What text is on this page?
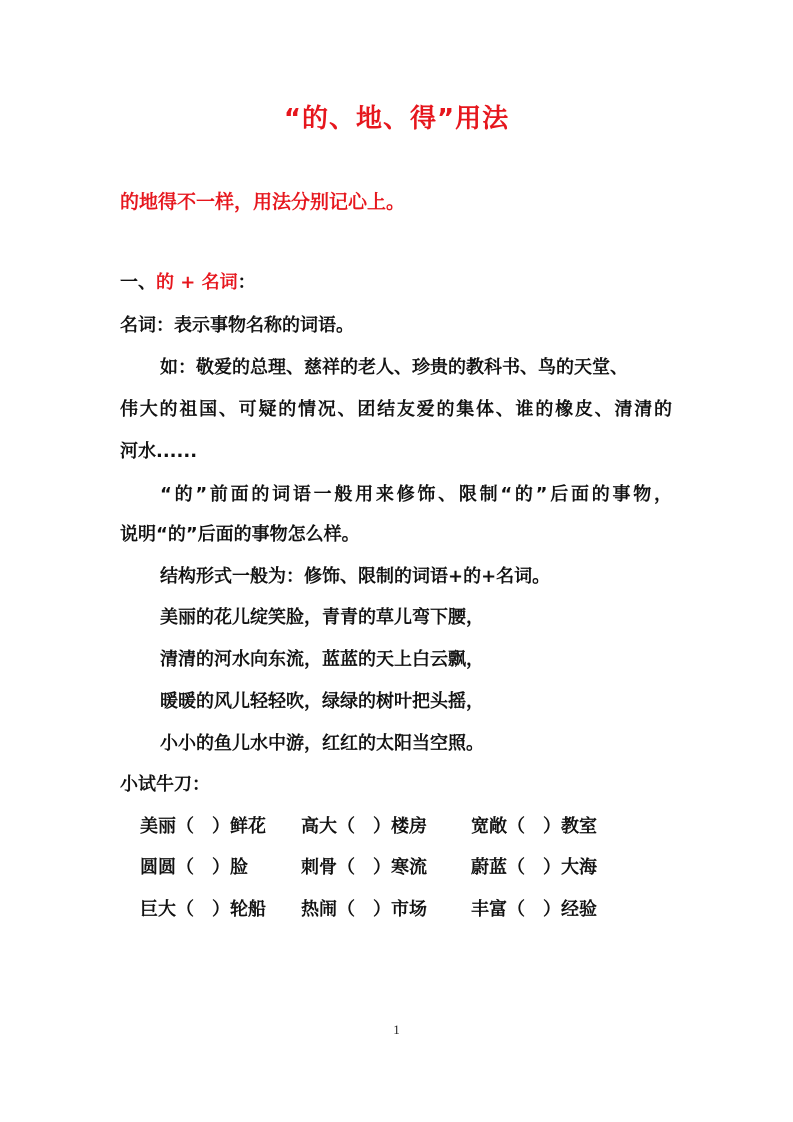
“的、地、得”用法
的地得不一样，用法分别记心上。
一、的 + 名词：
名词：表示事物名称的词语。
如：敬爱的总理、慈祥的老人、珍贵的教科书、鸟的天堂、
伟大的祖国、可疑的情况、团结友爱的集体、谁的橡皮、清清的
河水......
“的”前面的词语一般用来修饰、限制“的”后面的事物，
说明“的”后面的事物怎么样。
结构形式一般为：修饰、限制的词语+的+名词。
美丽的花儿绽笑脸，青青的草儿弯下腰，
清清的河水向东流，蓝蓝的天上白云飘，
暖暖的风儿轻轻吹，绿绿的树叶把头摇，
小小的鱼儿水中游，红红的太阳当空照。
小试牛刀：
美丽（　）鲜花 高大（　）楼房 宽敞（　）教室
圆圆（　）脸	刺骨（　）寒流 蔚蓝（　）大海
巨大（　）轮船 热闹（　）市场 丰富（　）经验
1
